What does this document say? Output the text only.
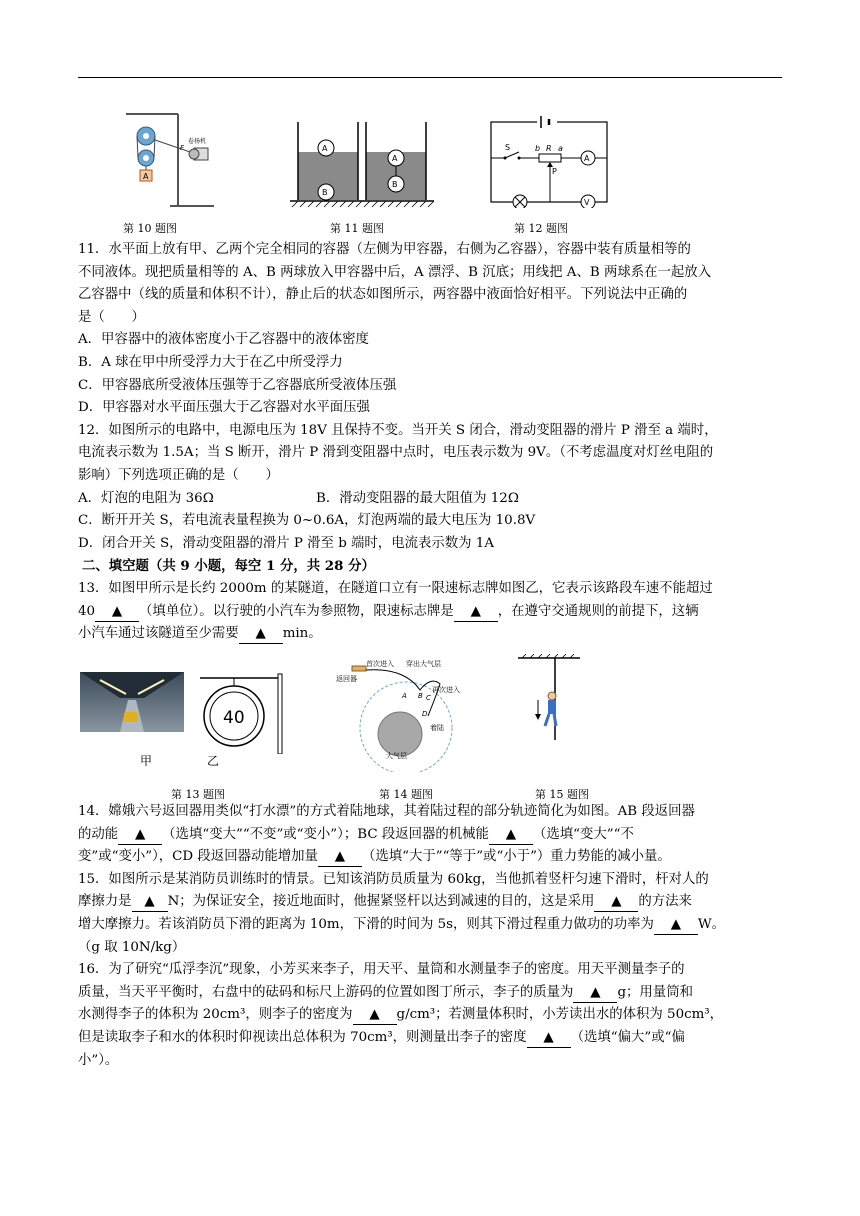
A
F
卷扬机
第 10 题图
A
B
A
B
第 11 题图
S	b R a
A
P
V
第 12 题图
11．水平面上放有甲、乙两个完全相同的容器（左侧为甲容器，右侧为乙容器），容器中装有质量相等的
不同液体。现把质量相等的 A、B 两球放入甲容器中后，A 漂浮、B 沉底；用线把 A、B 两球系在一起放入
乙容器中（线的质量和体积不计），静止后的状态如图所示，两容器中液面恰好相平。下列说法中正确的
是（　　）
A．甲容器中的液体密度小于乙容器中的液体密度
B．A 球在甲中所受浮力大于在乙中所受浮力
C．甲容器底所受液体压强等于乙容器底所受液体压强
D．甲容器对水平面压强大于乙容器对水平面压强
12．如图所示的电路中，电源电压为 18V 且保持不变。当开关 S 闭合，滑动变阻器的滑片 P 滑至 a 端时，
电流表示数为 1.5A；当 S 断开，滑片 P 滑到变阻器中点时，电压表示数为 9V。（不考虑温度对灯丝电阻的
影响）下列选项正确的是（　　）
A．灯泡的电阻为 36Ω	B．滑动变阻器的最大阻值为 12Ω
C．断开开关 S，若电流表量程换为 0~0.6A，灯泡两端的最大电压为 10.8V
D．闭合开关 S，滑动变阻器的滑片 P 滑至 b 端时，电流表示数为 1A
二、填空题（共 9 小题，每空 1 分，共 28 分）
13．如图甲所示是长约 2000m 的某隧道，在隧道口立有一限速标志牌如图乙，它表示该路段车速不能超过
40 ▲ （填单位）。以行驶的小汽车为参照物，限速标志牌是 ▲ ，在遵守交通规则的前提下，这辆
小汽车通过该隧道至少需要 ▲ min。
40
甲	乙
第 13 题图
返回器
首次进入 穿出大气层
再次进入
A B C
D
着陆
大气层
第 14 题图	第 15 题图
14．嫦娥六号返回器用类似“打水漂”的方式着陆地球，其着陆过程的部分轨迹简化为如图。AB 段返回器
的动能 ▲ （选填“变大”“不变”或“变小”）；BC 段返回器的机械能 ▲ （选填“变大”“不
变”或“变小”），CD 段返回器动能增加量 ▲ （选填“大于”“等于”或“小于”）重力势能的减小量。
15．如图所示是某消防员训练时的情景。已知该消防员质量为 60kg，当他抓着竖杆匀速下滑时，杆对人的
摩擦力是 ▲ N；为保证安全，接近地面时，他握紧竖杆以达到减速的目的，这是采用 ▲ 的方法来
增大摩擦力。若该消防员下滑的距离为 10m，下滑的时间为 5s，则其下滑过程重力做功的功率为 ▲ W。
（g 取 10N/kg）
16．为了研究“瓜浮李沉”现象，小芳买来李子，用天平、量筒和水测量李子的密度。用天平测量李子的
质量，当天平平衡时，右盘中的砝码和标尺上游码的位置如图丁所示，李子的质量为 ▲ g；用量筒和
水测得李子的体积为 20cm³，则李子的密度为 ▲ g/cm³；若测量体积时，小芳读出水的体积为 50cm³，
但是读取李子和水的体积时仰视读出总体积为 70cm³，则测量出李子的密度 ▲ （选填“偏大”或“偏
小”）。
